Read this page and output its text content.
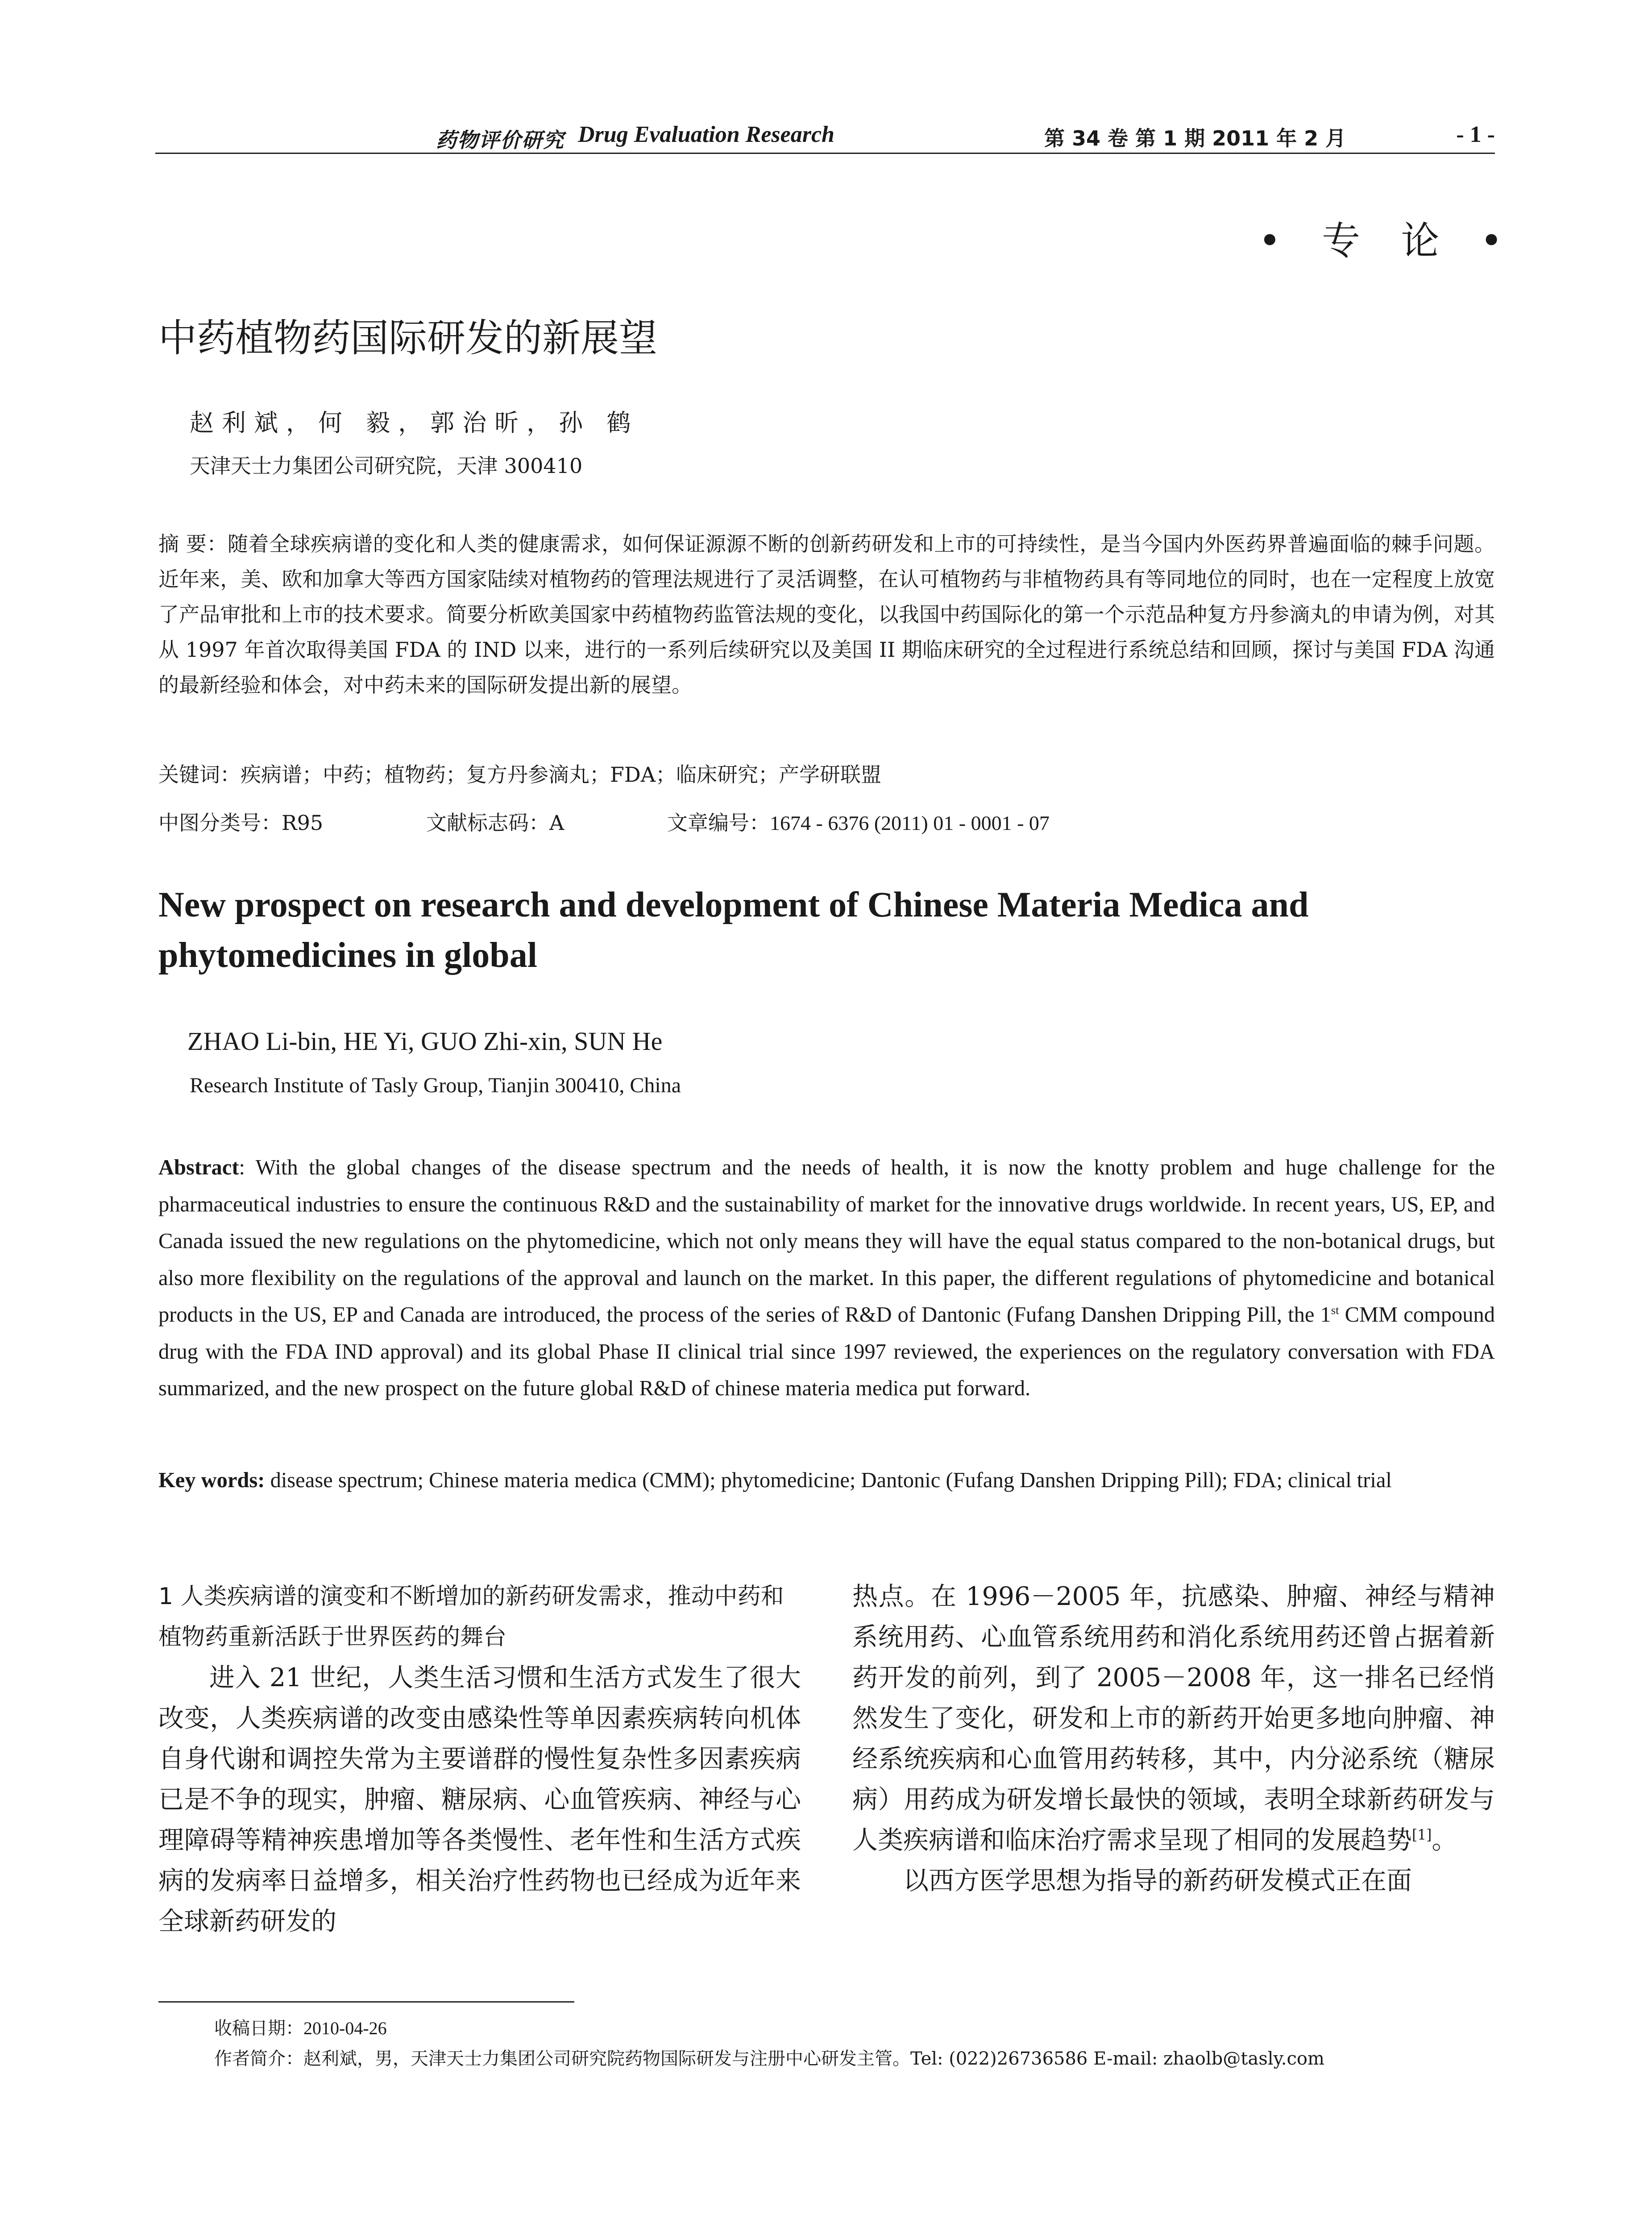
药物评价研究 Drug Evaluation Research	第 34 卷 第 1 期 2011 年 2 月	- 1 -
• 专 论 •
中药植物药国际研发的新展望
赵利斌，何 毅，郭治昕，孙 鹤
天津天士力集团公司研究院，天津 300410
摘 要：随着全球疾病谱的变化和人类的健康需求，如何保证源源不断的创新药研发和上市的可持续性，是当今国内外医药界普遍面临的棘手问题。近年来，美、欧和加拿大等西方国家陆续对植物药的管理法规进行了灵活调整，在认可植物药与非植物药具有等同地位的同时，也在一定程度上放宽了产品审批和上市的技术要求。简要分析欧美国家中药植物药监管法规的变化，以我国中药国际化的第一个示范品种复方丹参滴丸的申请为例，对其从 1997 年首次取得美国 FDA 的 IND 以来，进行的一系列后续研究以及美国 II 期临床研究的全过程进行系统总结和回顾，探讨与美国 FDA 沟通的最新经验和体会，对中药未来的国际研发提出新的展望。
关键词：疾病谱；中药；植物药；复方丹参滴丸；FDA；临床研究；产学研联盟
中图分类号：R95	文献标志码：A	文章编号：1674 - 6376 (2011) 01 - 0001 - 07
New prospect on research and development of Chinese Materia Medica and phytomedicines in global
ZHAO Li-bin, HE Yi, GUO Zhi-xin, SUN He
Research Institute of Tasly Group, Tianjin 300410, China
Abstract: With the global changes of the disease spectrum and the needs of health, it is now the knotty problem and huge challenge for the pharmaceutical industries to ensure the continuous R&D and the sustainability of market for the innovative drugs worldwide. In recent years, US, EP, and Canada issued the new regulations on the phytomedicine, which not only means they will have the equal status compared to the non-botanical drugs, but also more flexibility on the regulations of the approval and launch on the market. In this paper, the different regulations of phytomedicine and botanical products in the US, EP and Canada are introduced, the process of the series of R&D of Dantonic (Fufang Danshen Dripping Pill, the 1st CMM compound drug with the FDA IND approval) and its global Phase II clinical trial since 1997 reviewed, the experiences on the regulatory conversation with FDA summarized, and the new prospect on the future global R&D of chinese materia medica put forward.
Key words: disease spectrum; Chinese materia medica (CMM); phytomedicine; Dantonic (Fufang Danshen Dripping Pill); FDA; clinical trial
1 人类疾病谱的演变和不断增加的新药研发需求，推动中药和植物药重新活跃于世界医药的舞台
进入 21 世纪，人类生活习惯和生活方式发生了很大改变，人类疾病谱的改变由感染性等单因素疾病转向机体自身代谢和调控失常为主要谱群的慢性复杂性多因素疾病已是不争的现实，肿瘤、糖尿病、心血管疾病、神经与心理障碍等精神疾患增加等各类慢性、老年性和生活方式疾病的发病率日益增多，相关治疗性药物也已经成为近年来全球新药研发的
热点。在 1996－2005 年，抗感染、肿瘤、神经与精神系统用药、心血管系统用药和消化系统用药还曾占据着新药开发的前列，到了 2005－2008 年，这一排名已经悄然发生了变化，研发和上市的新药开始更多地向肿瘤、神经系统疾病和心血管用药转移，其中，内分泌系统（糖尿病）用药成为研发增长最快的领域，表明全球新药研发与人类疾病谱和临床治疗需求呈现了相同的发展趋势[1]。
以西方医学思想为指导的新药研发模式正在面
收稿日期：2010-04-26
作者简介：赵利斌，男，天津天士力集团公司研究院药物国际研发与注册中心研发主管。Tel: (022)26736586 E-mail: zhaolb@tasly.com
